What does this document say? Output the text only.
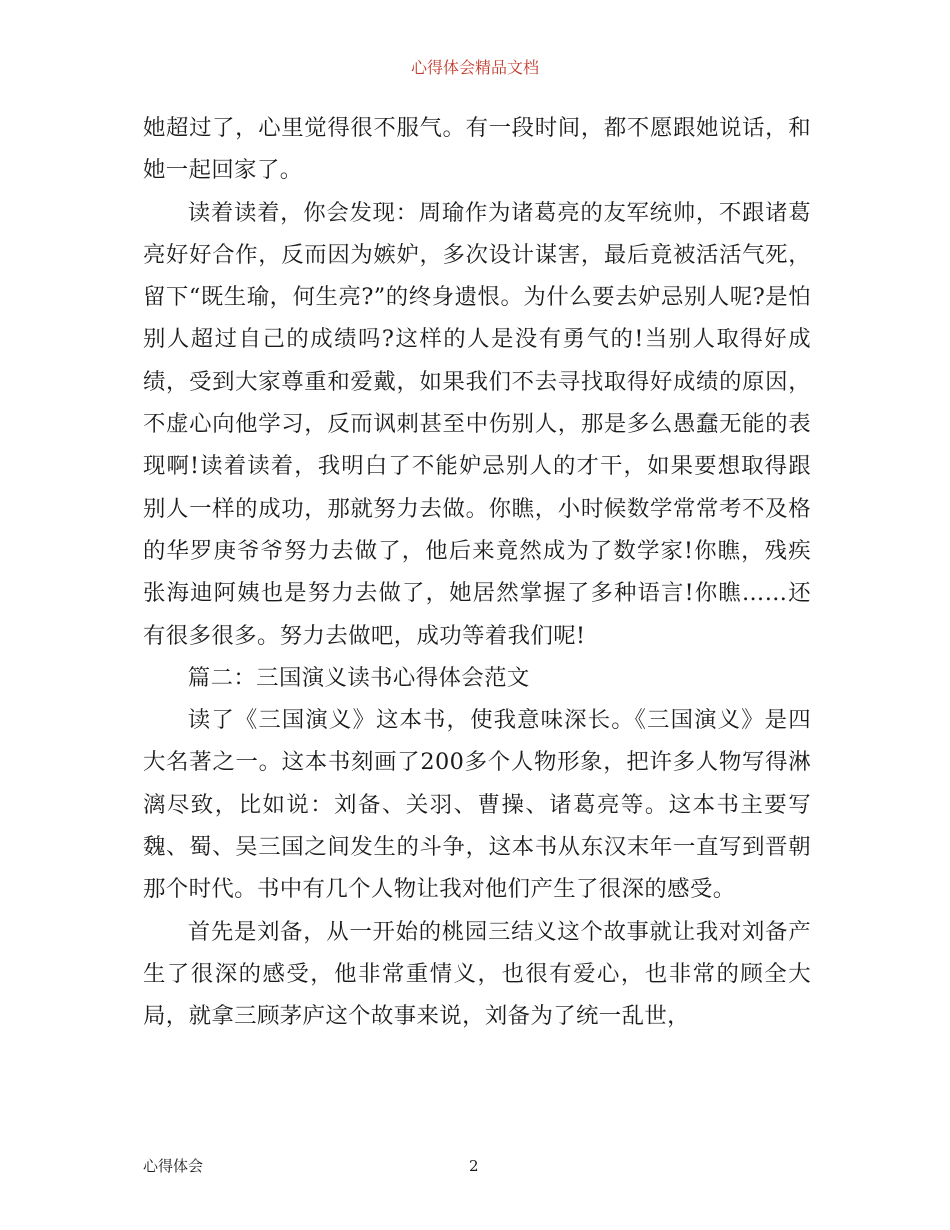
心得体会精品文档

她超过了，心里觉得很不服气。有一段时间，都不愿跟她说话，和她一起回家了。

读着读着，你会发现：周瑜作为诸葛亮的友军统帅，不跟诸葛亮好好合作，反而因为嫉妒，多次设计谋害，最后竟被活活气死，留下“既生瑜，何生亮?”的终身遗恨。为什么要去妒忌别人呢?是怕别人超过自己的成绩吗?这样的人是没有勇气的!当别人取得好成绩，受到大家尊重和爱戴，如果我们不去寻找取得好成绩的原因，不虚心向他学习，反而讽刺甚至中伤别人，那是多么愚蠢无能的表现啊!读着读着，我明白了不能妒忌别人的才干，如果要想取得跟别人一样的成功，那就努力去做。你瞧，小时候数学常常考不及格的华罗庚爷爷努力去做了，他后来竟然成为了数学家!你瞧，残疾张海迪阿姨也是努力去做了，她居然掌握了多种语言!你瞧……还有很多很多。努力去做吧，成功等着我们呢!

篇二：三国演义读书心得体会范文

读了《三国演义》这本书，使我意味深长。《三国演义》是四大名著之一。这本书刻画了200多个人物形象，把许多人物写得淋漓尽致，比如说：刘备、关羽、曹操、诸葛亮等。这本书主要写魏、蜀、吴三国之间发生的斗争，这本书从东汉末年一直写到晋朝那个时代。书中有几个人物让我对他们产生了很深的感受。

首先是刘备，从一开始的桃园三结义这个故事就让我对刘备产生了很深的感受，他非常重情义，也很有爱心，也非常的顾全大局，就拿三顾茅庐这个故事来说，刘备为了统一乱世，

心得体会	2
